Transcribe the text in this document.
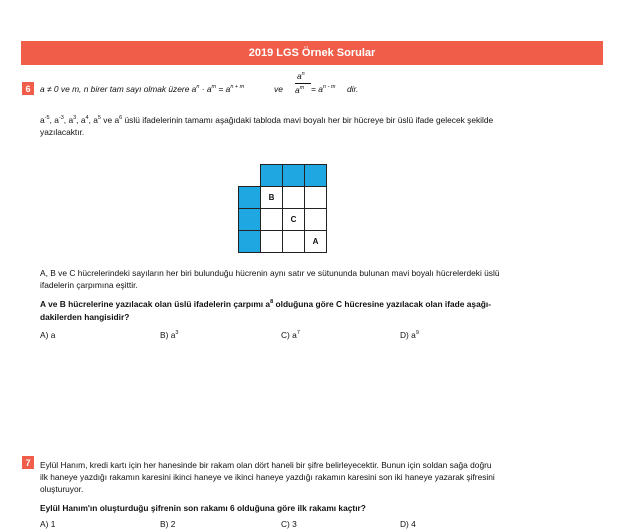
2019 LGS Örnek Sorular
6 a ≠ 0 ve m, n birer tam sayı olmak üzere $a^n \cdot a^m = a^{n + m}$	ve
$a^n$
$a^m = a^{n - m}$ dir.
$a^{-5}$, $a^{-3}$, $a^3$, $a^4$, $a^5$ ve $a^6$ üslü ifadelerinin tamamı aşağıdaki tabloda mavi boyalı her bir hücreye bir üslü ifade gelecek şekilde
yazılacaktır.

	B		
		C	
			A
A, B ve C hücrelerindeki sayıların her biri bulunduğu hücrenin aynı satır ve sütununda bulunan mavi boyalı hücrelerdeki üslü
ifadelerin çarpımına eşittir.
A ve B hücrelerine yazılacak olan üslü ifadelerin çarpımı $a^8$ olduğuna göre C hücresine yazılacak olan ifade aşağı-
dakilerden hangisidir?
A) a	B) $a^3$	C) $a^7$	D) $a^9$
7 Eylül Hanım, kredi kartı için her hanesinde bir rakam olan dört haneli bir şifre belirleyecektir. Bunun için soldan sağa doğru
ilk haneye yazdığı rakamın karesini ikinci haneye ve ikinci haneye yazdığı rakamın karesini son iki haneye yazarak şifresini
oluşturuyor.
Eylül Hanım'ın oluşturduğu şifrenin son rakamı 6 olduğuna göre ilk rakamı kaçtır?
A) 1	B) 2	C) 3	D) 4
